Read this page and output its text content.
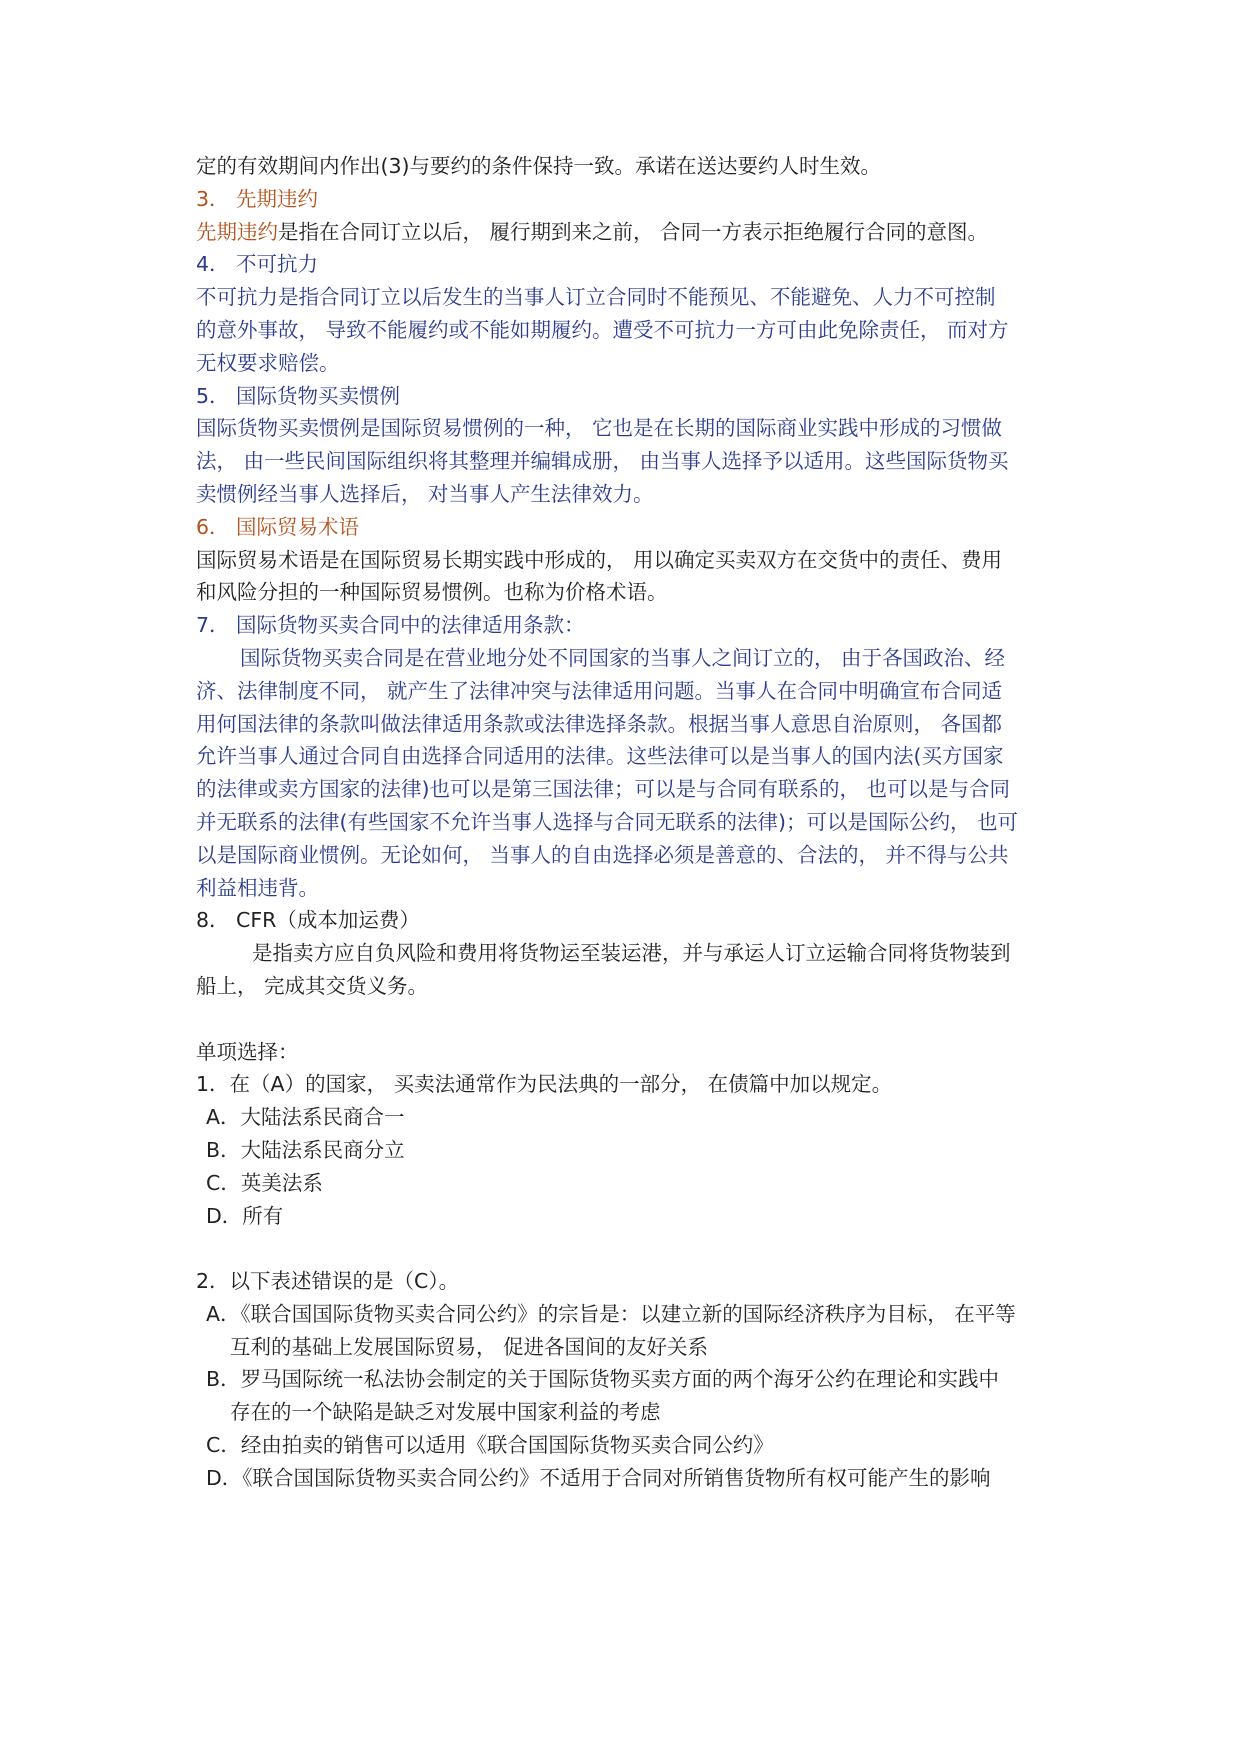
定的有效期间内作出(3)与要约的条件保持一致。承诺在送达要约人时生效。
3． 先期违约
先期违约是指在合同订立以后， 履行期到来之前， 合同一方表示拒绝履行合同的意图。
4． 不可抗力
不可抗力是指合同订立以后发生的当事人订立合同时不能预见、不能避免、人力不可控制
的意外事故， 导致不能履约或不能如期履约。遭受不可抗力一方可由此免除责任， 而对方
无权要求赔偿。
5． 国际货物买卖惯例
国际货物买卖惯例是国际贸易惯例的一种， 它也是在长期的国际商业实践中形成的习惯做
法， 由一些民间国际组织将其整理并编辑成册， 由当事人选择予以适用。这些国际货物买
卖惯例经当事人选择后， 对当事人产生法律效力。
6． 国际贸易术语
国际贸易术语是在国际贸易长期实践中形成的， 用以确定买卖双方在交货中的责任、费用
和风险分担的一种国际贸易惯例。也称为价格术语。
7． 国际货物买卖合同中的法律适用条款：
国际货物买卖合同是在营业地分处不同国家的当事人之间订立的， 由于各国政治、经
济、法律制度不同， 就产生了法律冲突与法律适用问题。当事人在合同中明确宣布合同适
用何国法律的条款叫做法律适用条款或法律选择条款。根据当事人意思自治原则， 各国都
允许当事人通过合同自由选择合同适用的法律。这些法律可以是当事人的国内法(买方国家
的法律或卖方国家的法律)也可以是第三国法律；可以是与合同有联系的， 也可以是与合同
并无联系的法律(有些国家不允许当事人选择与合同无联系的法律)；可以是国际公约， 也可
以是国际商业惯例。无论如何， 当事人的自由选择必须是善意的、合法的， 并不得与公共
利益相违背。
8． CFR（成本加运费）
是指卖方应自负风险和费用将货物运至装运港，并与承运人订立运输合同将货物装到
船上， 完成其交货义务。
单项选择：
1．在（A）的国家， 买卖法通常作为民法典的一部分， 在债篇中加以规定。
A．大陆法系民商合一
B．大陆法系民商分立
C．英美法系
D．所有
2．以下表述错误的是（C）。
A．《联合国国际货物买卖合同公约》的宗旨是：以建立新的国际经济秩序为目标， 在平等
互利的基础上发展国际贸易， 促进各国间的友好关系
B．罗马国际统一私法协会制定的关于国际货物买卖方面的两个海牙公约在理论和实践中
存在的一个缺陷是缺乏对发展中国家利益的考虑
C．经由拍卖的销售可以适用《联合国国际货物买卖合同公约》
D．《联合国国际货物买卖合同公约》不适用于合同对所销售货物所有权可能产生的影响
